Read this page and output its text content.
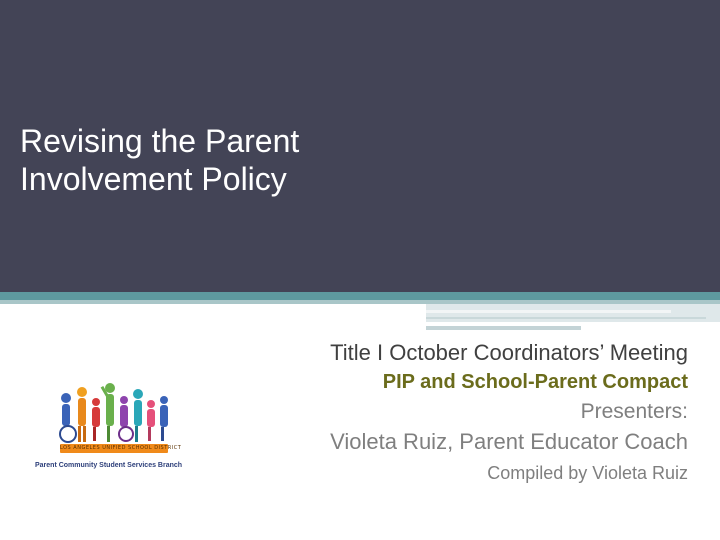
Revising the Parent Involvement Policy
Title I October Coordinators’ Meeting
PIP and School-Parent Compact
Presenters:
Violeta Ruiz, Parent Educator Coach
Compiled by Violeta Ruiz
LOS ANGELES UNIFIED SCHOOL DISTRICT
Parent Community Student Services Branch
